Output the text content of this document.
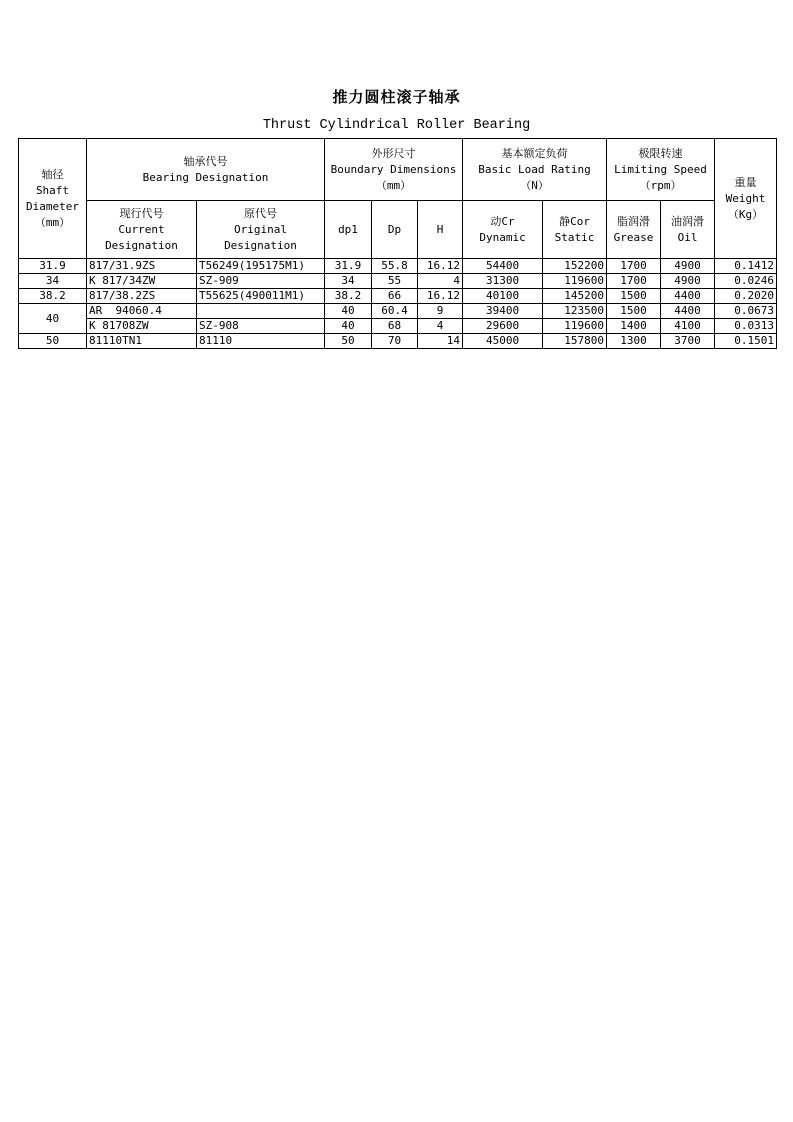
推力圆柱滚子轴承
Thrust Cylindrical Roller Bearing
轴径
Shaft
Diameter
（mm）	轴承代号
Bearing Designation		外形尺寸
Boundary Dimensions
（mm）			基本额定负荷
Basic Load Rating
（N）		极限转速
Limiting Speed
（rpm）		重量
Weight
（Kg）

	现行代号
Current
Designation	原代号
Original
Designation	dp1	Dp	H	动Cr
Dynamic	静Cor
Static	脂润滑
Grease	油润滑
Oil	

31.9	817/31.9ZS	T56249(195175M1)	31.9	55.8	16.12	54400	152200	1700	4900	0.1412
34	K 817/34ZW	SZ-909	34	55	4	31300	119600	1700	4900	0.0246
38.2	817/38.2ZS	T55625(490011M1)	38.2	66	16.12	40100	145200	1500	4400	0.2020
40	AR  94060.4		40	60.4	9	39400	123500	1500	4400	0.0673
	K 81708ZW	SZ-908	40	68	4	29600	119600	1400	4100	0.0313
50	81110TN1	81110	50	70	14	45000	157800	1300	3700	0.1501
